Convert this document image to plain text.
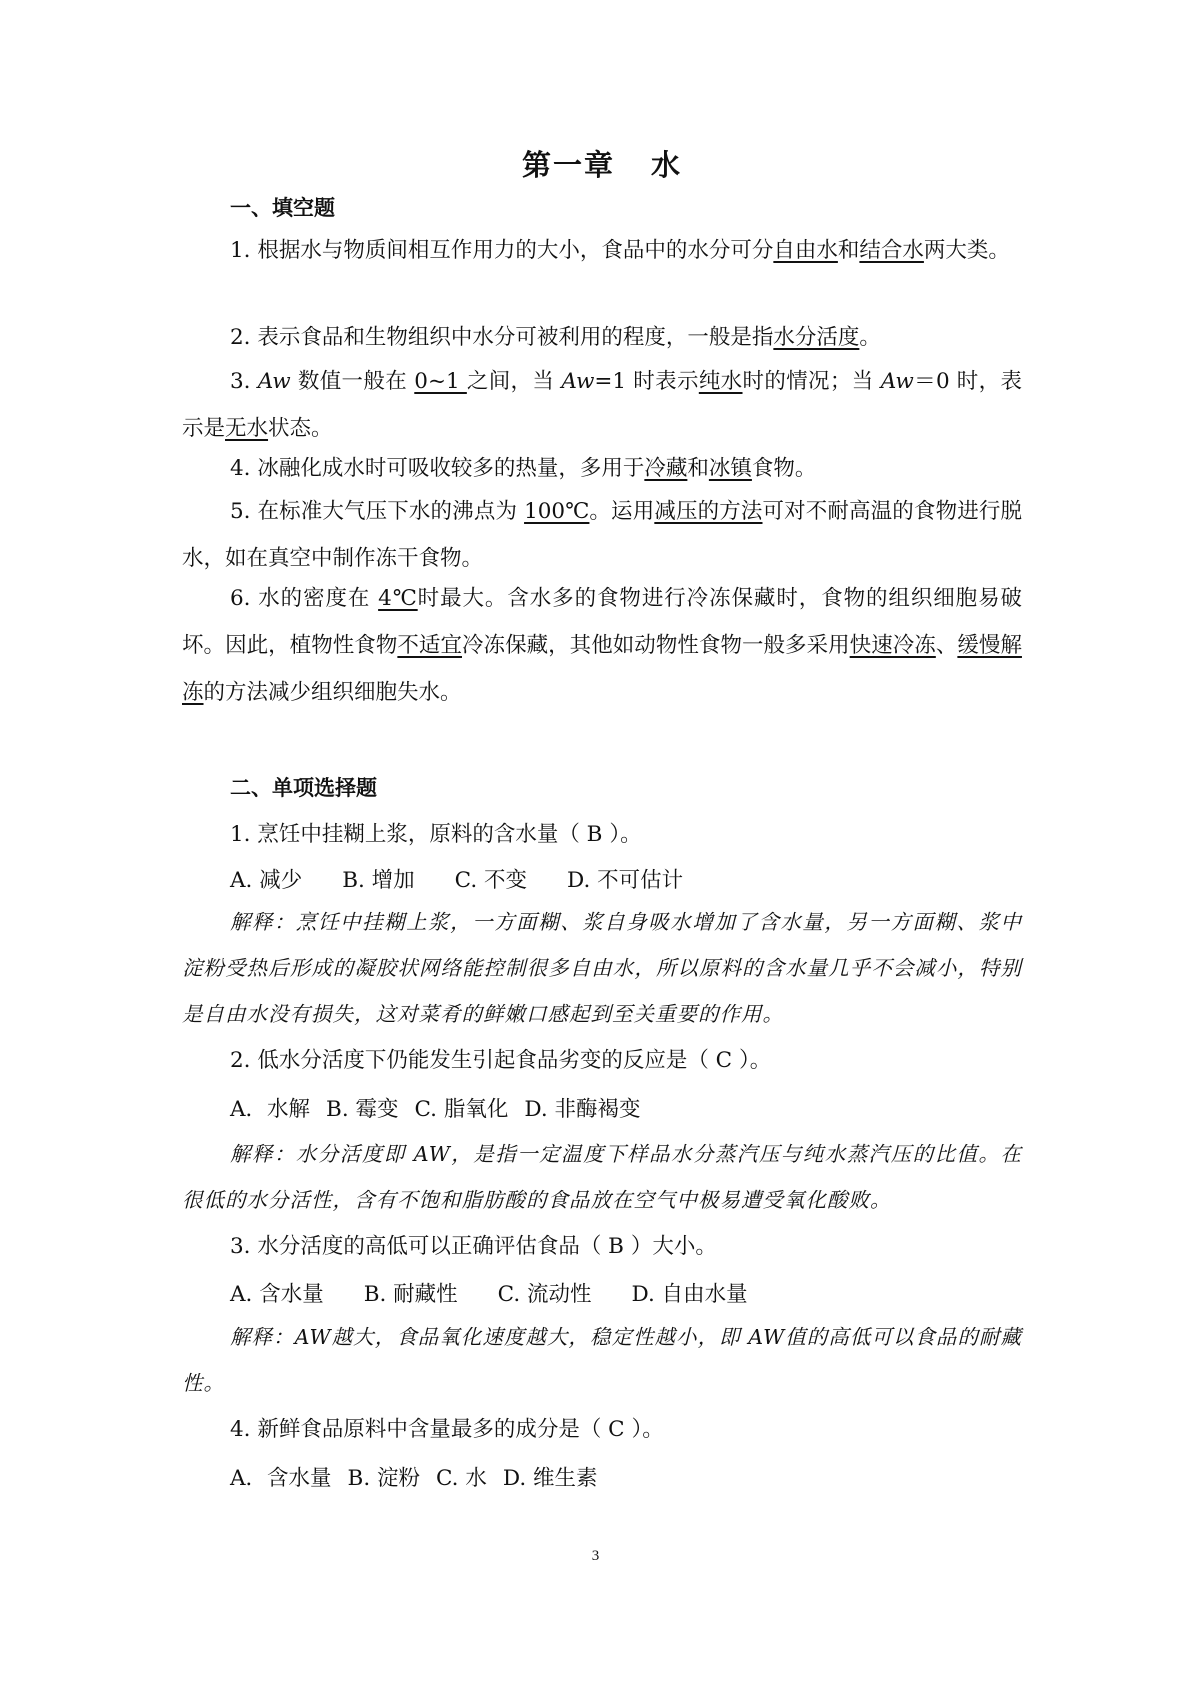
第一章 水
一、填空题

1. 根据水与物质间相互作用力的大小，食品中的水分可分自由水和结合水两大类。

2. 表示食品和生物组织中水分可被利用的程度，一般是指水分活度。

3. Aw 数值一般在 0~1 之间，当 Aw=1 时表示纯水时的情况；当 Aw＝0 时，表示是无水状态。

4. 冰融化成水时可吸收较多的热量，多用于冷藏和冰镇食物。

5. 在标准大气压下水的沸点为 100℃。运用减压的方法可对不耐高温的食物进行脱水，如在真空中制作冻干食物。

6. 水的密度在 4℃时最大。含水多的食物进行冷冻保藏时，食物的组织细胞易破坏。因此，植物性食物不适宜冷冻保藏，其他如动物性食物一般多采用快速冷冻、缓慢解冻的方法减少组织细胞失水。

二、单项选择题

1. 烹饪中挂糊上浆，原料的含水量（ B ）。

A. 减少 B. 增加 C. 不变 D. 不可估计

解释：烹饪中挂糊上浆，一方面糊、浆自身吸水增加了含水量，另一方面糊、浆中淀粉受热后形成的凝胶状网络能控制很多自由水，所以原料的含水量几乎不会减小，特别是自由水没有损失，这对菜肴的鲜嫩口感起到至关重要的作用。

2. 低水分活度下仍能发生引起食品劣变的反应是（ C ）。

A．水解 B. 霉变 C. 脂氧化 D. 非酶褐变

解释：水分活度即 AW，是指一定温度下样品水分蒸汽压与纯水蒸汽压的比值。在很低的水分活性，含有不饱和脂肪酸的食品放在空气中极易遭受氧化酸败。

3. 水分活度的高低可以正确评估食品（ B ）大小。

A. 含水量 B. 耐藏性 C. 流动性 D. 自由水量

解释：AW越大，食品氧化速度越大，稳定性越小，即 AW值的高低可以食品的耐藏性。

4. 新鲜食品原料中含量最多的成分是（ C ）。

A．含水量 B. 淀粉 C. 水 D. 维生素

3
